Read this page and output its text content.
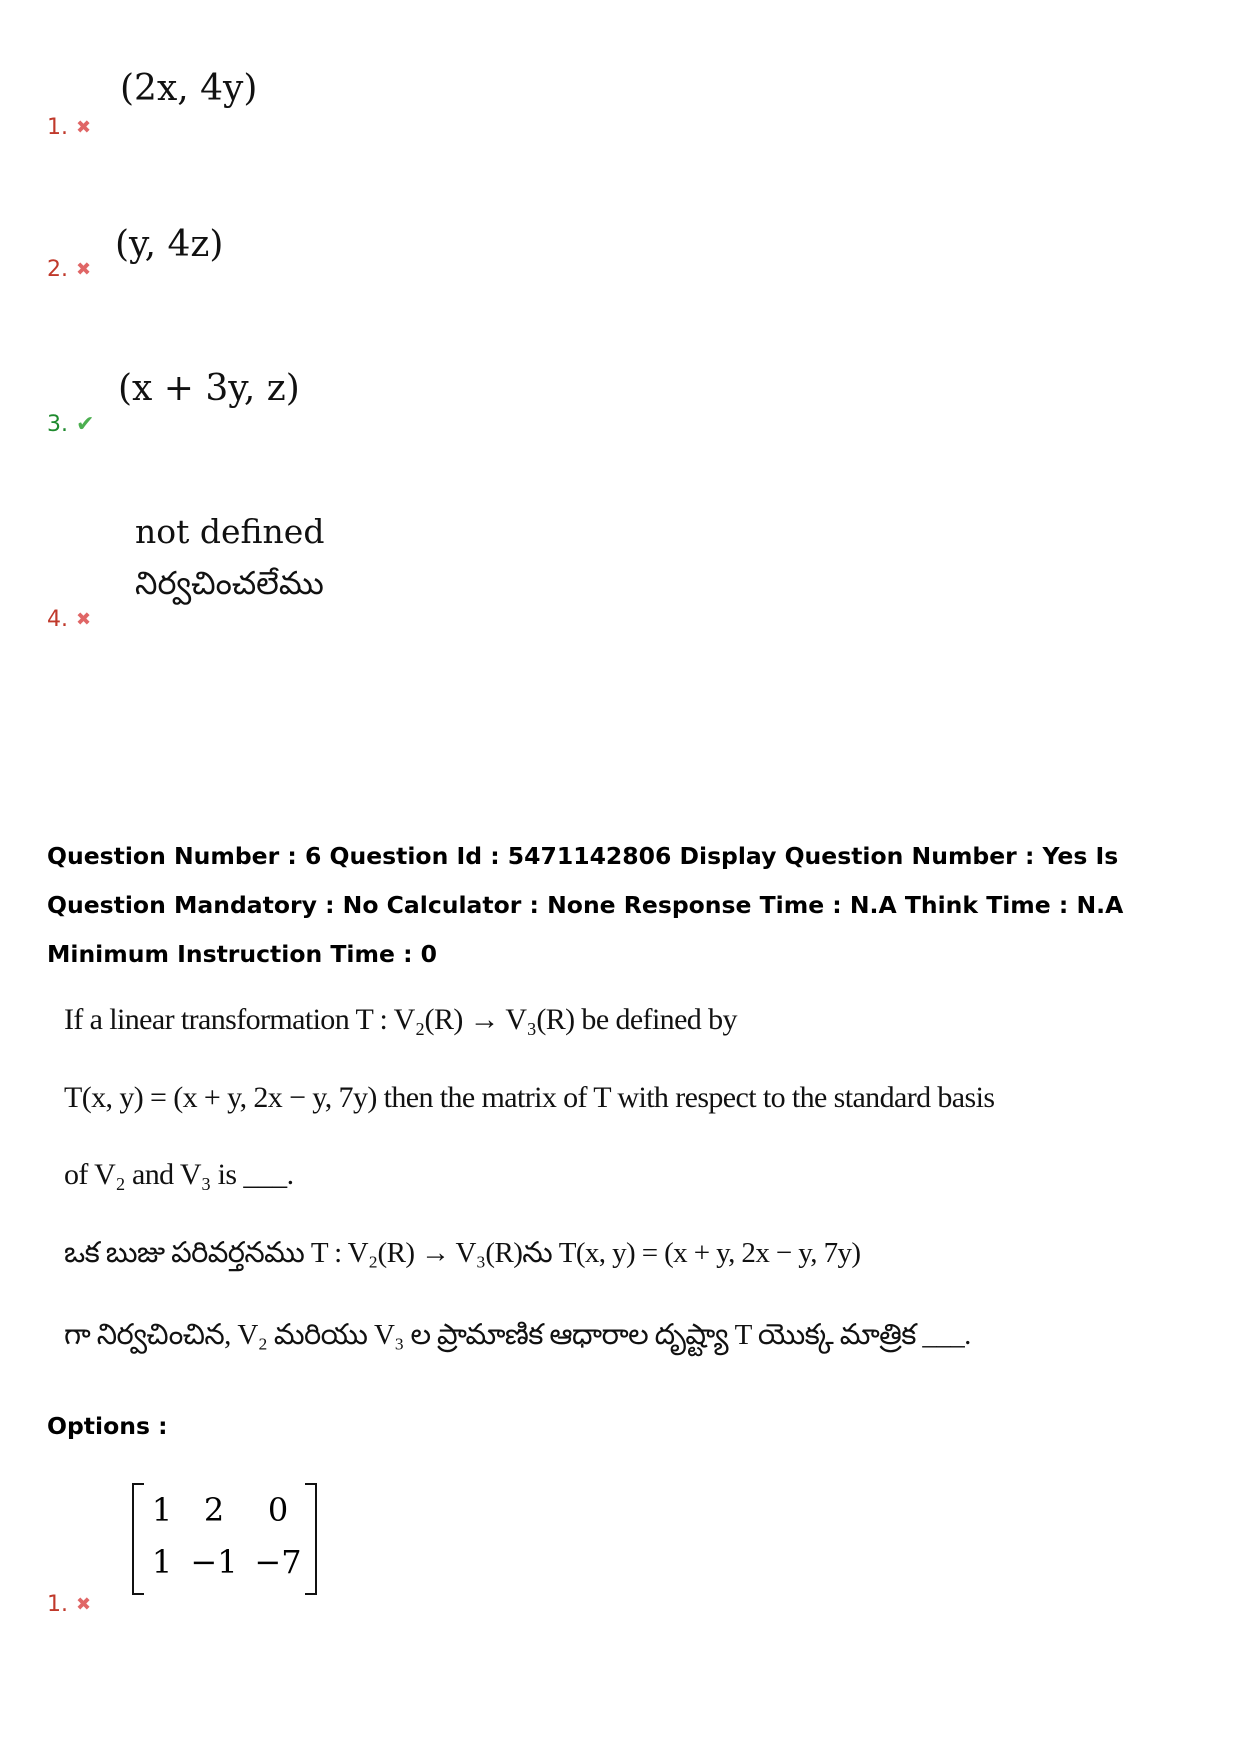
(2x, 4y)
1. ✖
(y, 4z)
2. ✖
(x + 3y, z)
3. ✔
not defined
నిర్వచించలేము
4. ✖
Question Number : 6 Question Id : 5471142806 Display Question Number : Yes Is Question Mandatory : No Calculator : None Response Time : N.A Think Time : N.A Minimum Instruction Time : 0
If a linear transformation T : V₂(R) → V₃(R) be defined by
T(x, y) = (x + y, 2x − y, 7y) then the matrix of T with respect to the standard basis
of V₂ and V₃ is ___.
ఒక బుజు పరివర్తనము T : V₂(R) → V₃(R)ను T(x, y) = (x + y, 2x − y, 7y)
గా నిర్వచించిన, V₂ మరియు V₃ ల ప్రామాణిక ఆధారాల దృష్ట్యా T యొక్క మాత్రిక ___.
Options :
1 2	0
1 −1 −7
1. ✖
